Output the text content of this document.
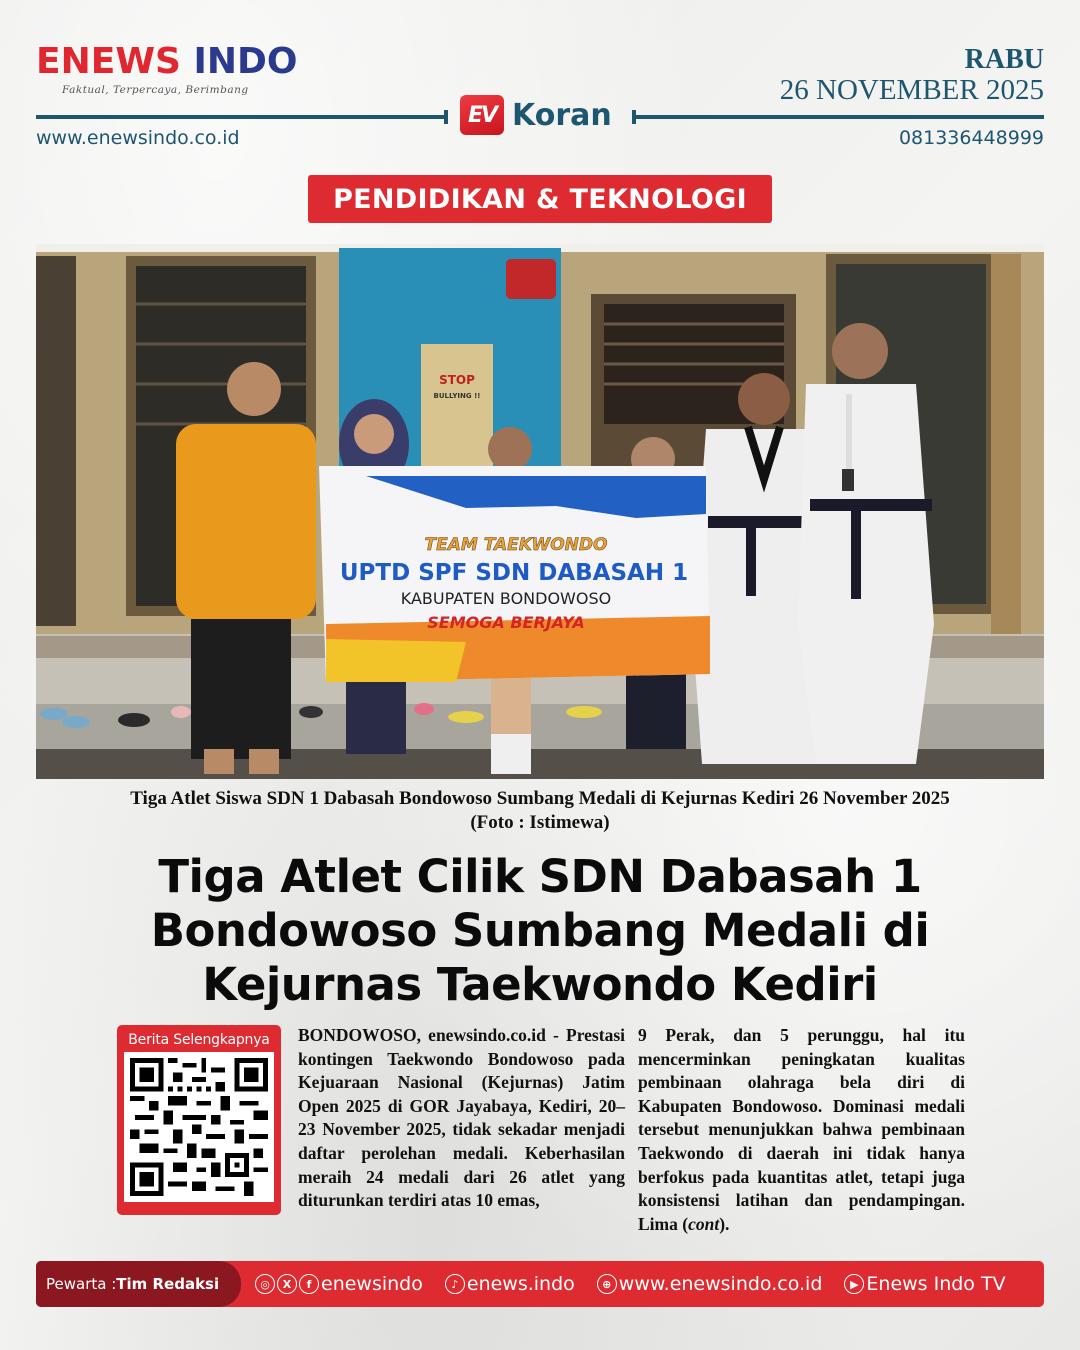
ENEWS INDO
Faktual, Terpercaya, Berimbang
EV Koran
www.enewsindo.co.id
RABU
26 NOVEMBER 2025
081336448999
PENDIDIKAN & TEKNOLOGI
STOP
BULLYING !!
TEAM TAEKWONDO
UPTD SPF SDN DABASAH 1
KABUPATEN BONDOWOSO
SEMOGA BERJAYA
Tiga Atlet Siswa SDN 1 Dabasah Bondowoso Sumbang Medali di Kejurnas Kediri 26 November 2025
(Foto : Istimewa)
Tiga Atlet Cilik SDN Dabasah 1
Bondowoso Sumbang Medali di
Kejurnas Taekwondo Kediri
Berita Selengkapnya BONDOWOSO, enewsindo.co.id - Prestasi kontingen Taekwondo Bondowoso pada Kejuaraan Nasional (Kejurnas) Jatim Open 2025 di GOR Jayabaya, Kediri, 20–23 November 2025, tidak sekadar menjadi daftar perolehan medali. Keberhasilan meraih 24 medali dari 26 atlet yang diturunkan terdiri atas 10 emas,
9 Perak, dan 5 perunggu, hal itu mencerminkan peningkatan kualitas pembinaan olahraga bela diri di Kabupaten Bondowoso. Dominasi medali tersebut menunjukkan bahwa pembinaan Taekwondo di daerah ini tidak hanya berfokus pada kuantitas atlet, tetapi juga konsistensi latihan dan pendampingan. Lima (cont).
Pewarta : Tim Redaksi	◎	X	f enewsindo	♪ enews.indo	⊕ www.enewsindo.co.id	▶ Enews Indo TV
